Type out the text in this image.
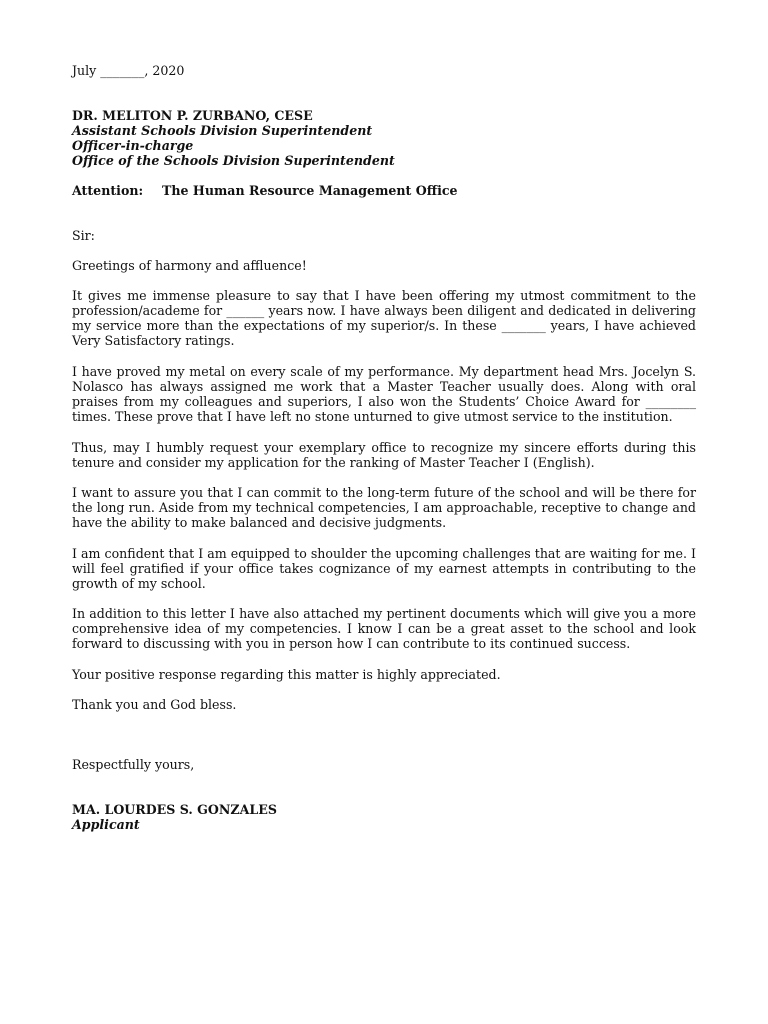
July _______, 2020

DR. MELITON P. ZURBANO, CESE
Assistant Schools Division Superintendent
Officer-in-charge
Office of the Schools Division Superintendent
Attention: The Human Resource Management Office

Sir:

Greetings of harmony and affluence!

It gives me immense pleasure to say that I have been offering my utmost commitment to the profession/academe for ______ years now. I have always been diligent and dedicated in delivering my service more than the expectations of my superior/s. In these _______ years, I have achieved Very Satisfactory ratings.

I have proved my metal on every scale of my performance. My department head Mrs. Jocelyn S. Nolasco has always assigned me work that a Master Teacher usually does. Along with oral praises from my colleagues and superiors, I also won the Students’ Choice Award for ________ times. These prove that I have left no stone unturned to give utmost service to the institution.

Thus, may I humbly request your exemplary office to recognize my sincere efforts during this tenure and consider my application for the ranking of Master Teacher I (English).

I want to assure you that I can commit to the long-term future of the school and will be there for the long run. Aside from my technical competencies, I am approachable, receptive to change and have the ability to make balanced and decisive judgments.

I am confident that I am equipped to shoulder the upcoming challenges that are waiting for me. I will feel gratified if your office takes cognizance of my earnest attempts in contributing to the growth of my school.

In addition to this letter I have also attached my pertinent documents which will give you a more comprehensive idea of my competencies. I know I can be a great asset to the school and look forward to discussing with you in person how I can contribute to its continued success.

Your positive response regarding this matter is highly appreciated.

Thank you and God bless.

Respectfully yours,

MA. LOURDES S. GONZALES
Applicant
